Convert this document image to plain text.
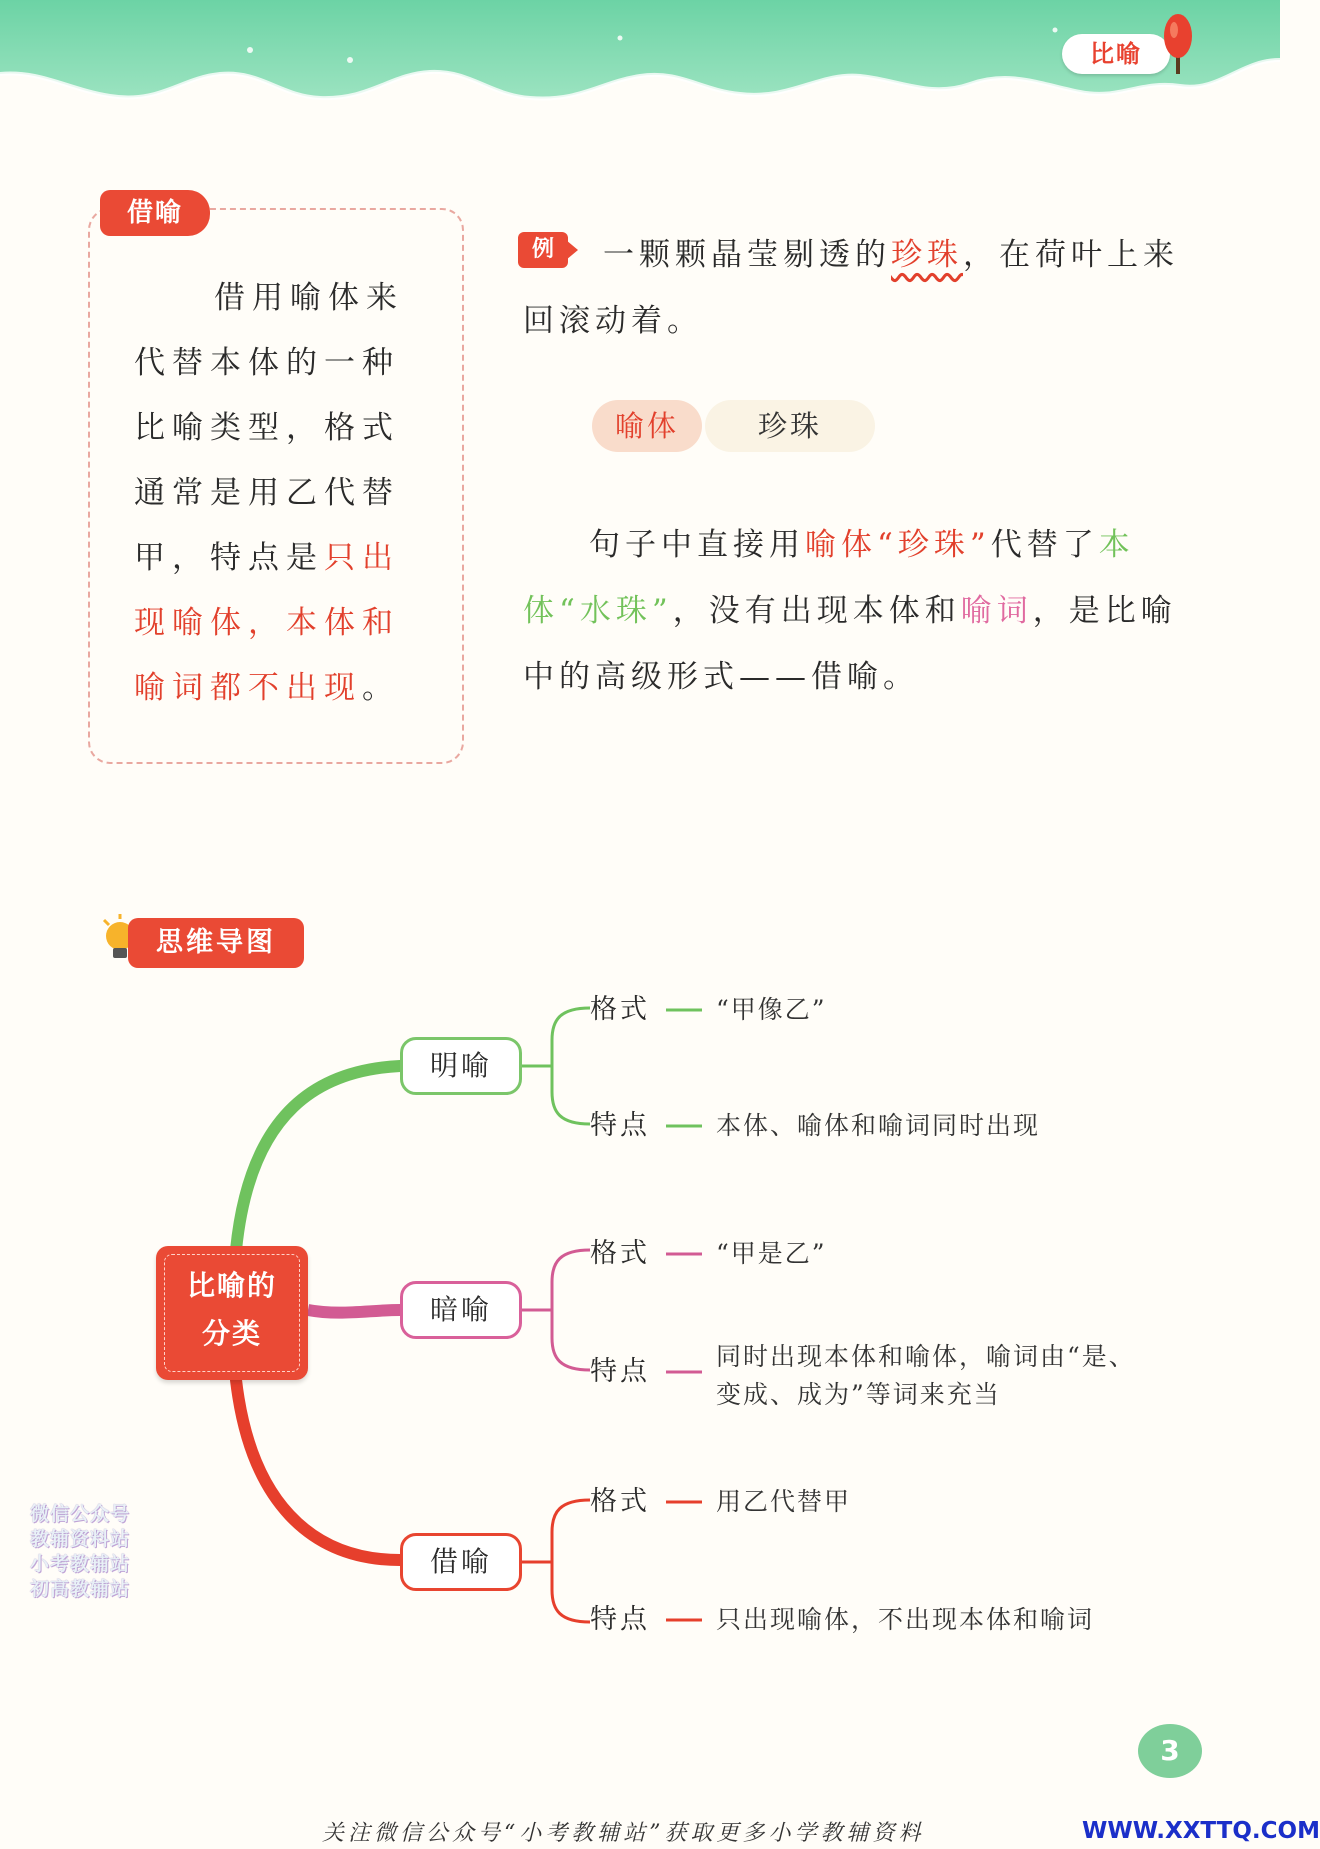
比喻
借喻
借用喻体来代替本体的一种比喻类型，格式通常是用乙代替甲，特点是只出现喻体，本体和喻词都不出现。
例	一颗颗晶莹剔透的珍珠，在荷叶上来回滚动着。
喻体	珍珠
句子中直接用喻体“珍珠”代替了本体“水珠”，没有出现本体和喻词，是比喻中的高级形式——借喻。
思维导图
比喻的
分类
明喻
暗喻
借喻
格式	“甲像乙”
特点	本体、喻体和喻词同时出现
格式	“甲是乙”
特点	同时出现本体和喻体，喻词由“是、
变成、成为”等词来充当
格式	用乙代替甲
特点	只出现喻体，不出现本体和喻词
微信公众号
教辅资料站
小考教辅站
初高教辅站
3
关注微信公众号“小考教辅站”获取更多小学教辅资料	WWW.XXTTQ.COM
